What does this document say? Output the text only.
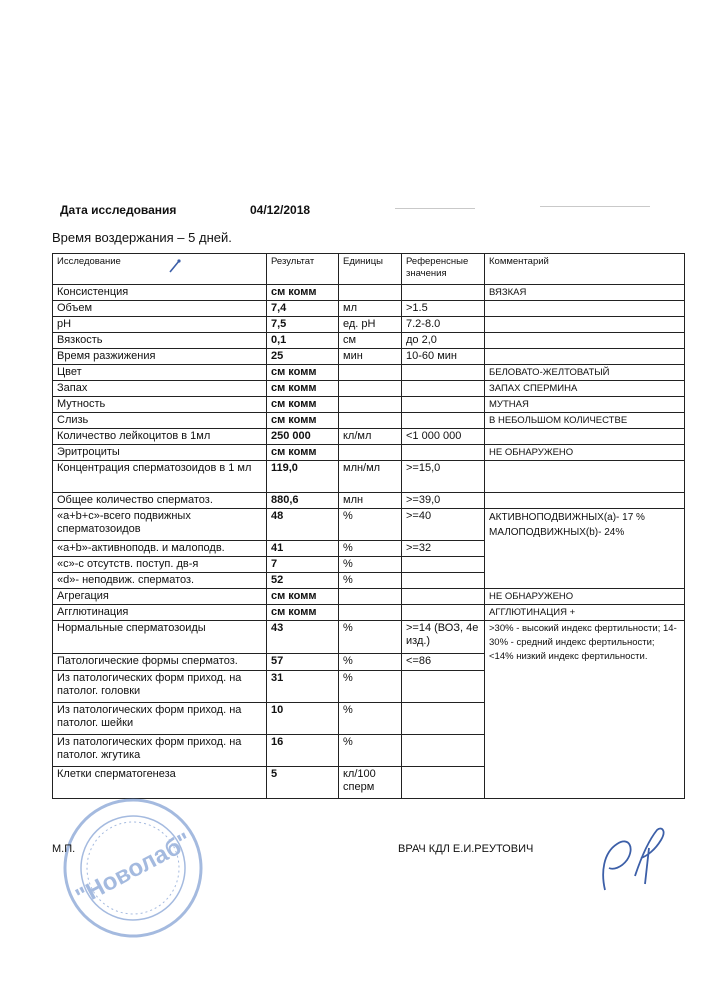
Дата исследования	04/12/2018
Время воздержания – 5 дней.
Исследование	Результат	Единицы	Референсные значения	Комментарий
Консистенция	см комм			ВЯЗКАЯ
Объем	7,4	мл	>1.5	
pH	7,5	ед. pH	7.2-8.0	
Вязкость	0,1	см	до 2,0	
Время разжижения	25	мин	10-60 мин	
Цвет	см комм			БЕЛОВАТО-ЖЕЛТОВАТЫЙ
Запах	см комм			ЗАПАХ СПЕРМИНА
Мутность	см комм			МУТНАЯ
Слизь	см комм			В НЕБОЛЬШОМ КОЛИЧЕСТВЕ
Количество лейкоцитов в 1мл	250 000	кл/мл	<1 000 000	
Эритроциты	см комм			НЕ ОБНАРУЖЕНО
Концентрация сперматозоидов в 1 мл	119,0	млн/мл	>=15,0	
Общее количество сперматоз.	880,6	млн	>=39,0	
«a+b+c»-всего подвижных сперматозоидов	48	%	>=40	АКТИВНОПОДВИЖНЫХ(a)- 17 %
МАЛОПОДВИЖНЫХ(b)- 24%

«a+b»-активноподв. и малоподв.	41	%	>=32	
«c»-с отсутств. поступ. дв-я	7	%		
«d»- неподвиж. сперматоз.	52	%		
Агрегация	см комм			НЕ ОБНАРУЖЕНО
Агглютинация	см комм			АГГЛЮТИНАЦИЯ +
Нормальные сперматозоиды	43	%	>=14 (ВОЗ, 4е изд.)	>30% - высокий индекс фертильности; 14-30% - средний индекс фертильности; <14% низкий индекс фертильности.
Патологические формы сперматоз.	57	%	<=86	
Из патологических форм приход. на патолог. головки	31	%		
Из патологических форм приход. на патолог. шейки	10	%		
Из патологических форм приход. на патолог. жгутика	16	%		
Клетки сперматогенеза	5	кл/100 сперм		
"Новолаб"
М.П.	ВРАЧ КДЛ Е.И.РЕУТОВИЧ
